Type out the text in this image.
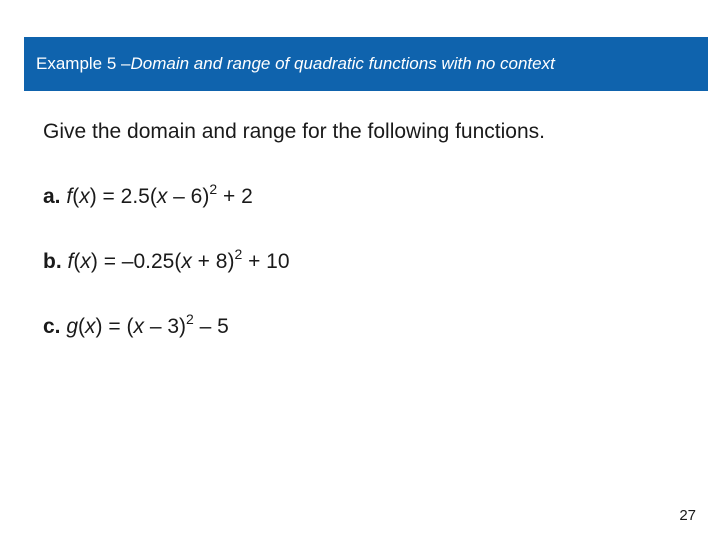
Example 5 – Domain and range of quadratic functions with no context
Give the domain and range for the following functions.
a. f(x) = 2.5(x – 6)$^2$ + 2
b. $f(x) = -0.25(x + 8)^2 + 10$
c. g(x) = (x – 3)$^2$ – 5
27
